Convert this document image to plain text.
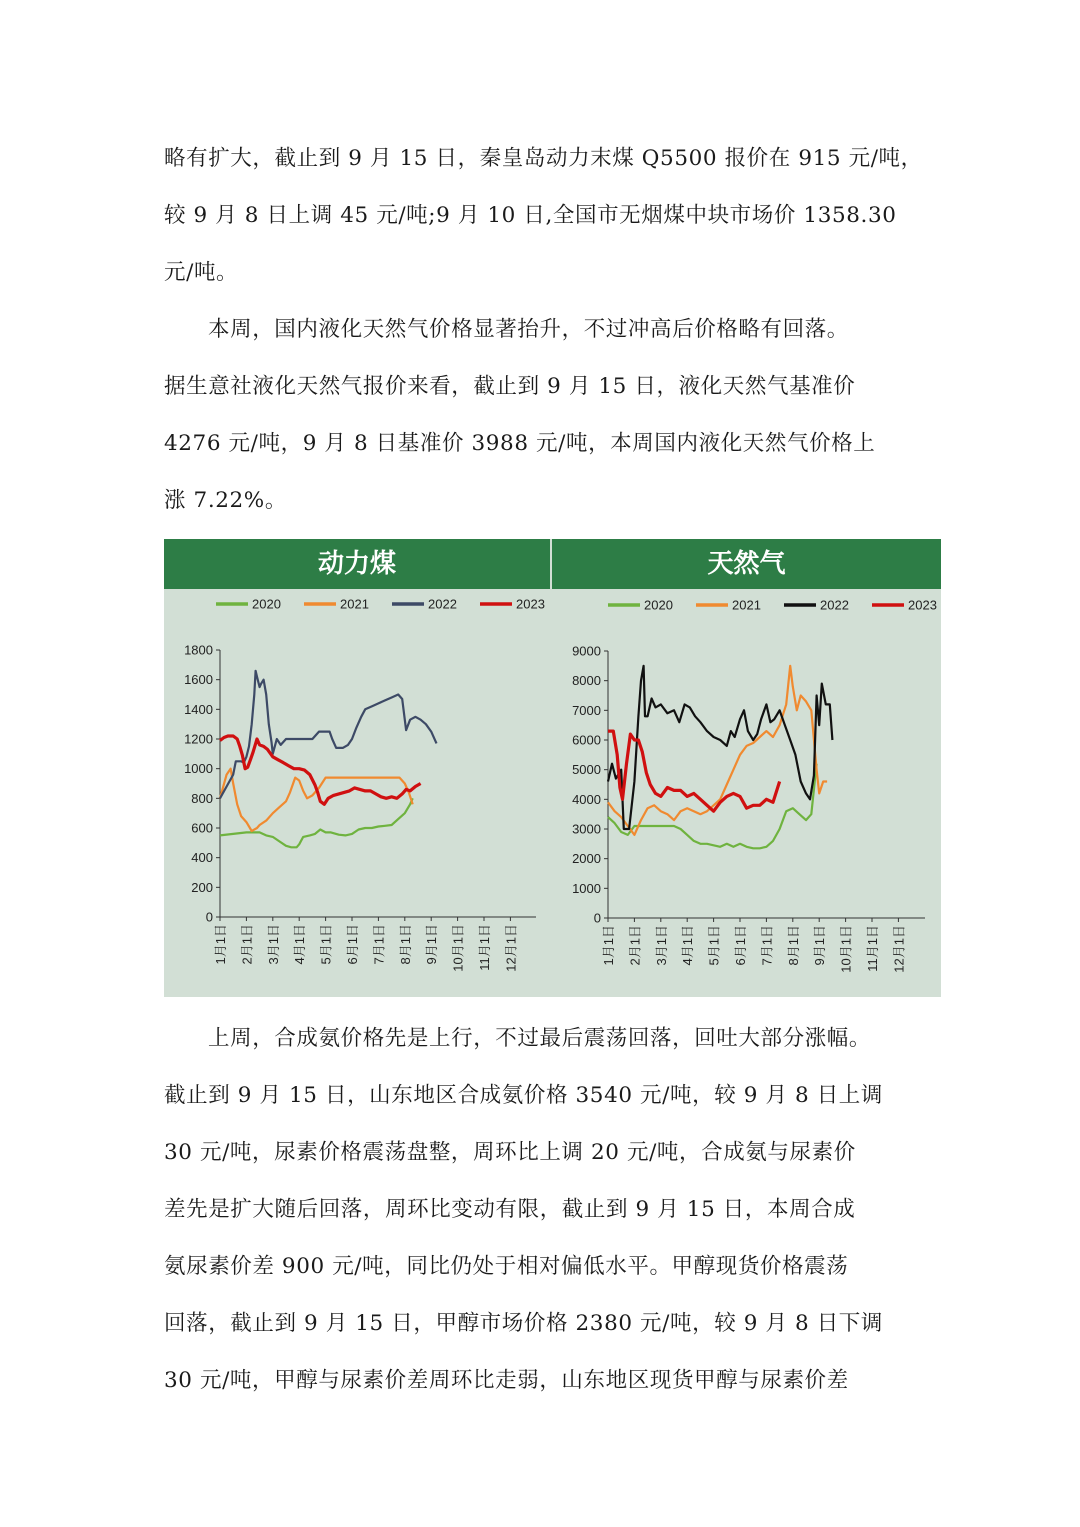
略有扩大，截止到 9 月 15 日，秦皇岛动力末煤 Q5500 报价在 915 元/吨，
较 9 月 8 日上调 45 元/吨;9 月 10 日,全国市无烟煤中块市场价 1358.30
元/吨。

本周，国内液化天然气价格显著抬升，不过冲高后价格略有回落。
据生意社液化天然气报价来看，截止到 9 月 15 日，液化天然气基准价
4276 元/吨，9 月 8 日基准价 3988 元/吨，本周国内液化天然气价格上
涨 7.22%。

动力煤	天然气
2020	2021	2022	2023
0
200
400
600
800
1000
1200
1400
1600
1800
1月1日 2月1日 3月1日 4月1日 5月1日 6月1日 7月1日 8月1日 9月1日 10月1日 11月1日 12月1日
2020	2021	2022	2023
0
1000
2000
3000
4000
5000
6000
7000
8000
9000
1月1日 2月1日 3月1日 4月1日 5月1日 6月1日 7月1日 8月1日 9月1日 10月1日 11月1日 12月1日

上周，合成氨价格先是上行，不过最后震荡回落，回吐大部分涨幅。
截止到 9 月 15 日，山东地区合成氨价格 3540 元/吨，较 9 月 8 日上调
30 元/吨，尿素价格震荡盘整，周环比上调 20 元/吨，合成氨与尿素价
差先是扩大随后回落，周环比变动有限，截止到 9 月 15 日，本周合成
氨尿素价差 900 元/吨，同比仍处于相对偏低水平。甲醇现货价格震荡
回落，截止到 9 月 15 日，甲醇市场价格 2380 元/吨，较 9 月 8 日下调
30 元/吨，甲醇与尿素价差周环比走弱，山东地区现货甲醇与尿素价差
